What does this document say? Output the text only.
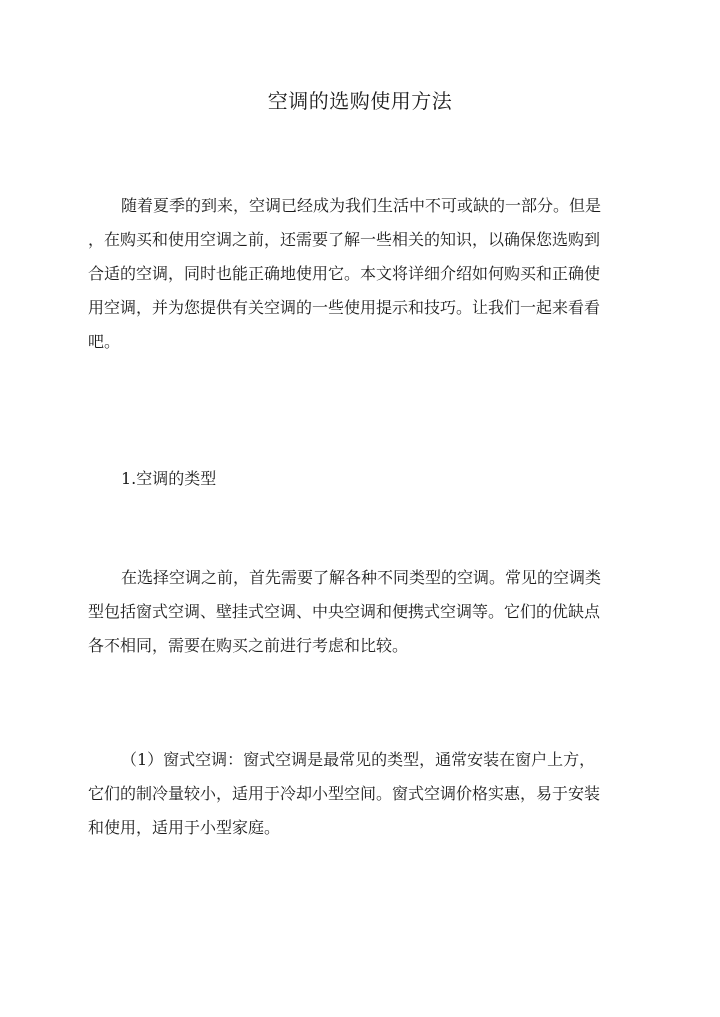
空调的选购使用方法
随着夏季的到来，空调已经成为我们生活中不可或缺的一部分。但是
，在购买和使用空调之前，还需要了解一些相关的知识，以确保您选购到
合适的空调，同时也能正确地使用它。本文将详细介绍如何购买和正确使
用空调，并为您提供有关空调的一些使用提示和技巧。让我们一起来看看
吧。
1.空调的类型
在选择空调之前，首先需要了解各种不同类型的空调。常见的空调类
型包括窗式空调、壁挂式空调、中央空调和便携式空调等。它们的优缺点
各不相同，需要在购买之前进行考虑和比较。
（1）窗式空调：窗式空调是最常见的类型，通常安装在窗户上方，
它们的制冷量较小，适用于冷却小型空间。窗式空调价格实惠，易于安装
和使用，适用于小型家庭。
